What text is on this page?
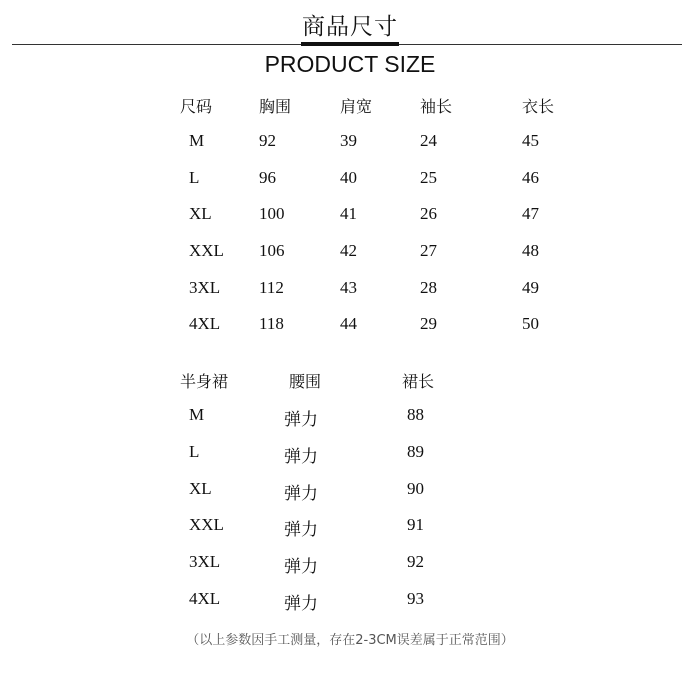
商品尺寸
PRODUCT SIZE
尺码	胸围	肩宽	袖长	衣长
M	92	39	24	45
L	96	40	25	46
XL	100	41	26	47
XXL 106	42	27	48
3XL 112	43	28	49
4XL 118	44	29	50
半身裙	腰围	裙长
M	弹力	88
L	弹力	89
XL	弹力	90
XXL	弹力	91
3XL	弹力	92
4XL	弹力	93
（以上参数因手工测量，存在2-3CM误差属于正常范围）
